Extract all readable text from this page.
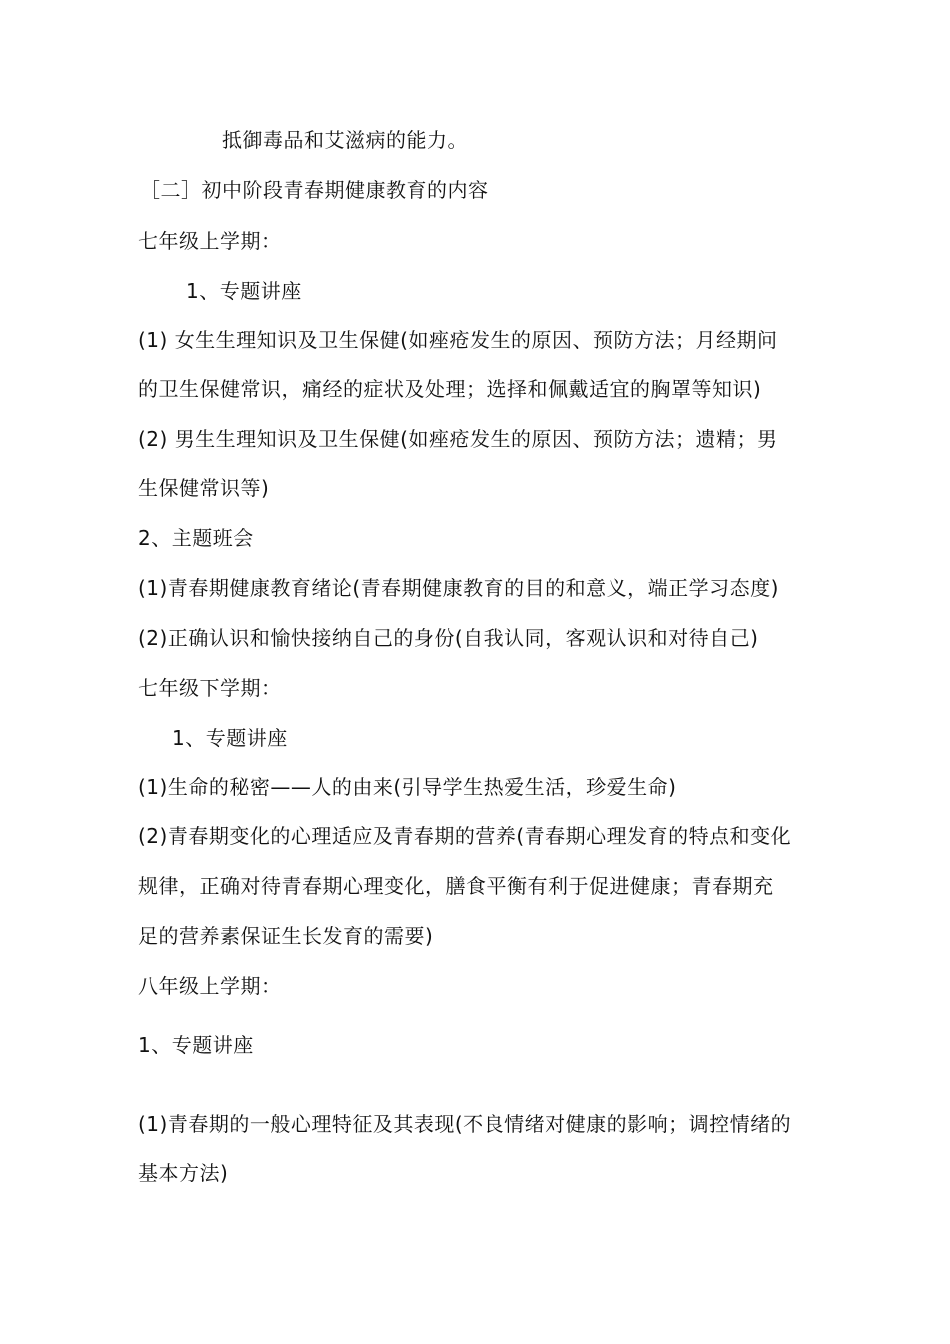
抵御毒品和艾滋病的能力。
［二］初中阶段青春期健康教育的内容
七年级上学期：
1、专题讲座
(1) 女生生理知识及卫生保健(如痤疮发生的原因、预防方法；月经期问
的卫生保健常识，痛经的症状及处理；选择和佩戴适宜的胸罩等知识)
(2) 男生生理知识及卫生保健(如痤疮发生的原因、预防方法；遗精；男
生保健常识等)
2、主题班会
(1)青春期健康教育绪论(青春期健康教育的目的和意义，端正学习态度)
(2)正确认识和愉快接纳自己的身份(自我认同，客观认识和对待自己)
七年级下学期：
1、专题讲座
(1)生命的秘密——人的由来(引导学生热爱生活，珍爱生命)
(2)青春期变化的心理适应及青春期的营养(青春期心理发育的特点和变化
规律，正确对待青春期心理变化，膳食平衡有利于促进健康；青春期充
足的营养素保证生长发育的需要)
八年级上学期：
1、专题讲座
(1)青春期的一般心理特征及其表现(不良情绪对健康的影响；调控情绪的
基本方法)
